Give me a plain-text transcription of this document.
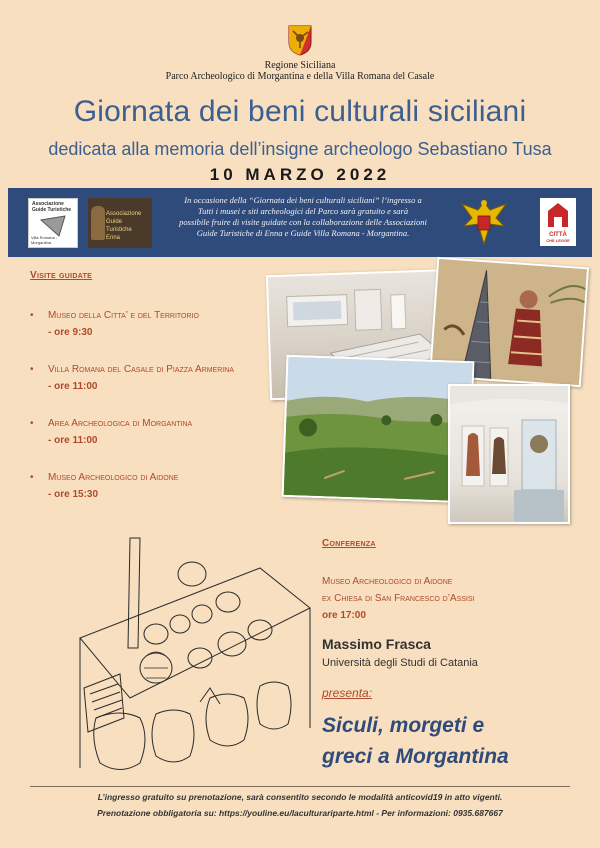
Regione Siciliana
Parco Archeologico di Morgantina e della Villa Romana del Casale
Giornata dei beni culturali siciliani
dedicata alla memoria dell’insigne archeologo Sebastiano Tusa
10 MARZO 2022
Associazione
Guide Turistiche
Villa Romana - Morgantina
Associazione
Guide
Turistiche
Enna
In occasione della “Giornata dei beni culturali siciliani” l’ingresso a
Tutti i musei e siti archeologici del Parco sarà gratuito e sarà
possibile fruire di visite guidate con la collaborazione delle Associazioni
Guide Turistiche di Enna e Guide Villa Romana - Morgantina.	CITTÀ
CHE LEGGE
Visite guidate
• Museo della Citta’ e del Territorio
- ore 9:30
• Villa Romana del Casale di Piazza Armerina
- ore 11:00
• Area Archeologica di Morgantina
- ore 11:00
• Museo Archeologico di Aidone
- ore 15:30
Conferenza
Museo Archeologico di Aidone
ex Chiesa di San Francesco d’Assisi
ore 17:00
Massimo Frasca
Università degli Studi di Catania
presenta:
Siculi, morgeti e
greci a Morgantina
L’ingresso gratuito su prenotazione, sarà consentito secondo le modalità anticovid19 in atto vigenti.
Prenotazione obbligatoria su: https://youline.eu/laculturariparte.html - Per informazioni: 0935.687667
